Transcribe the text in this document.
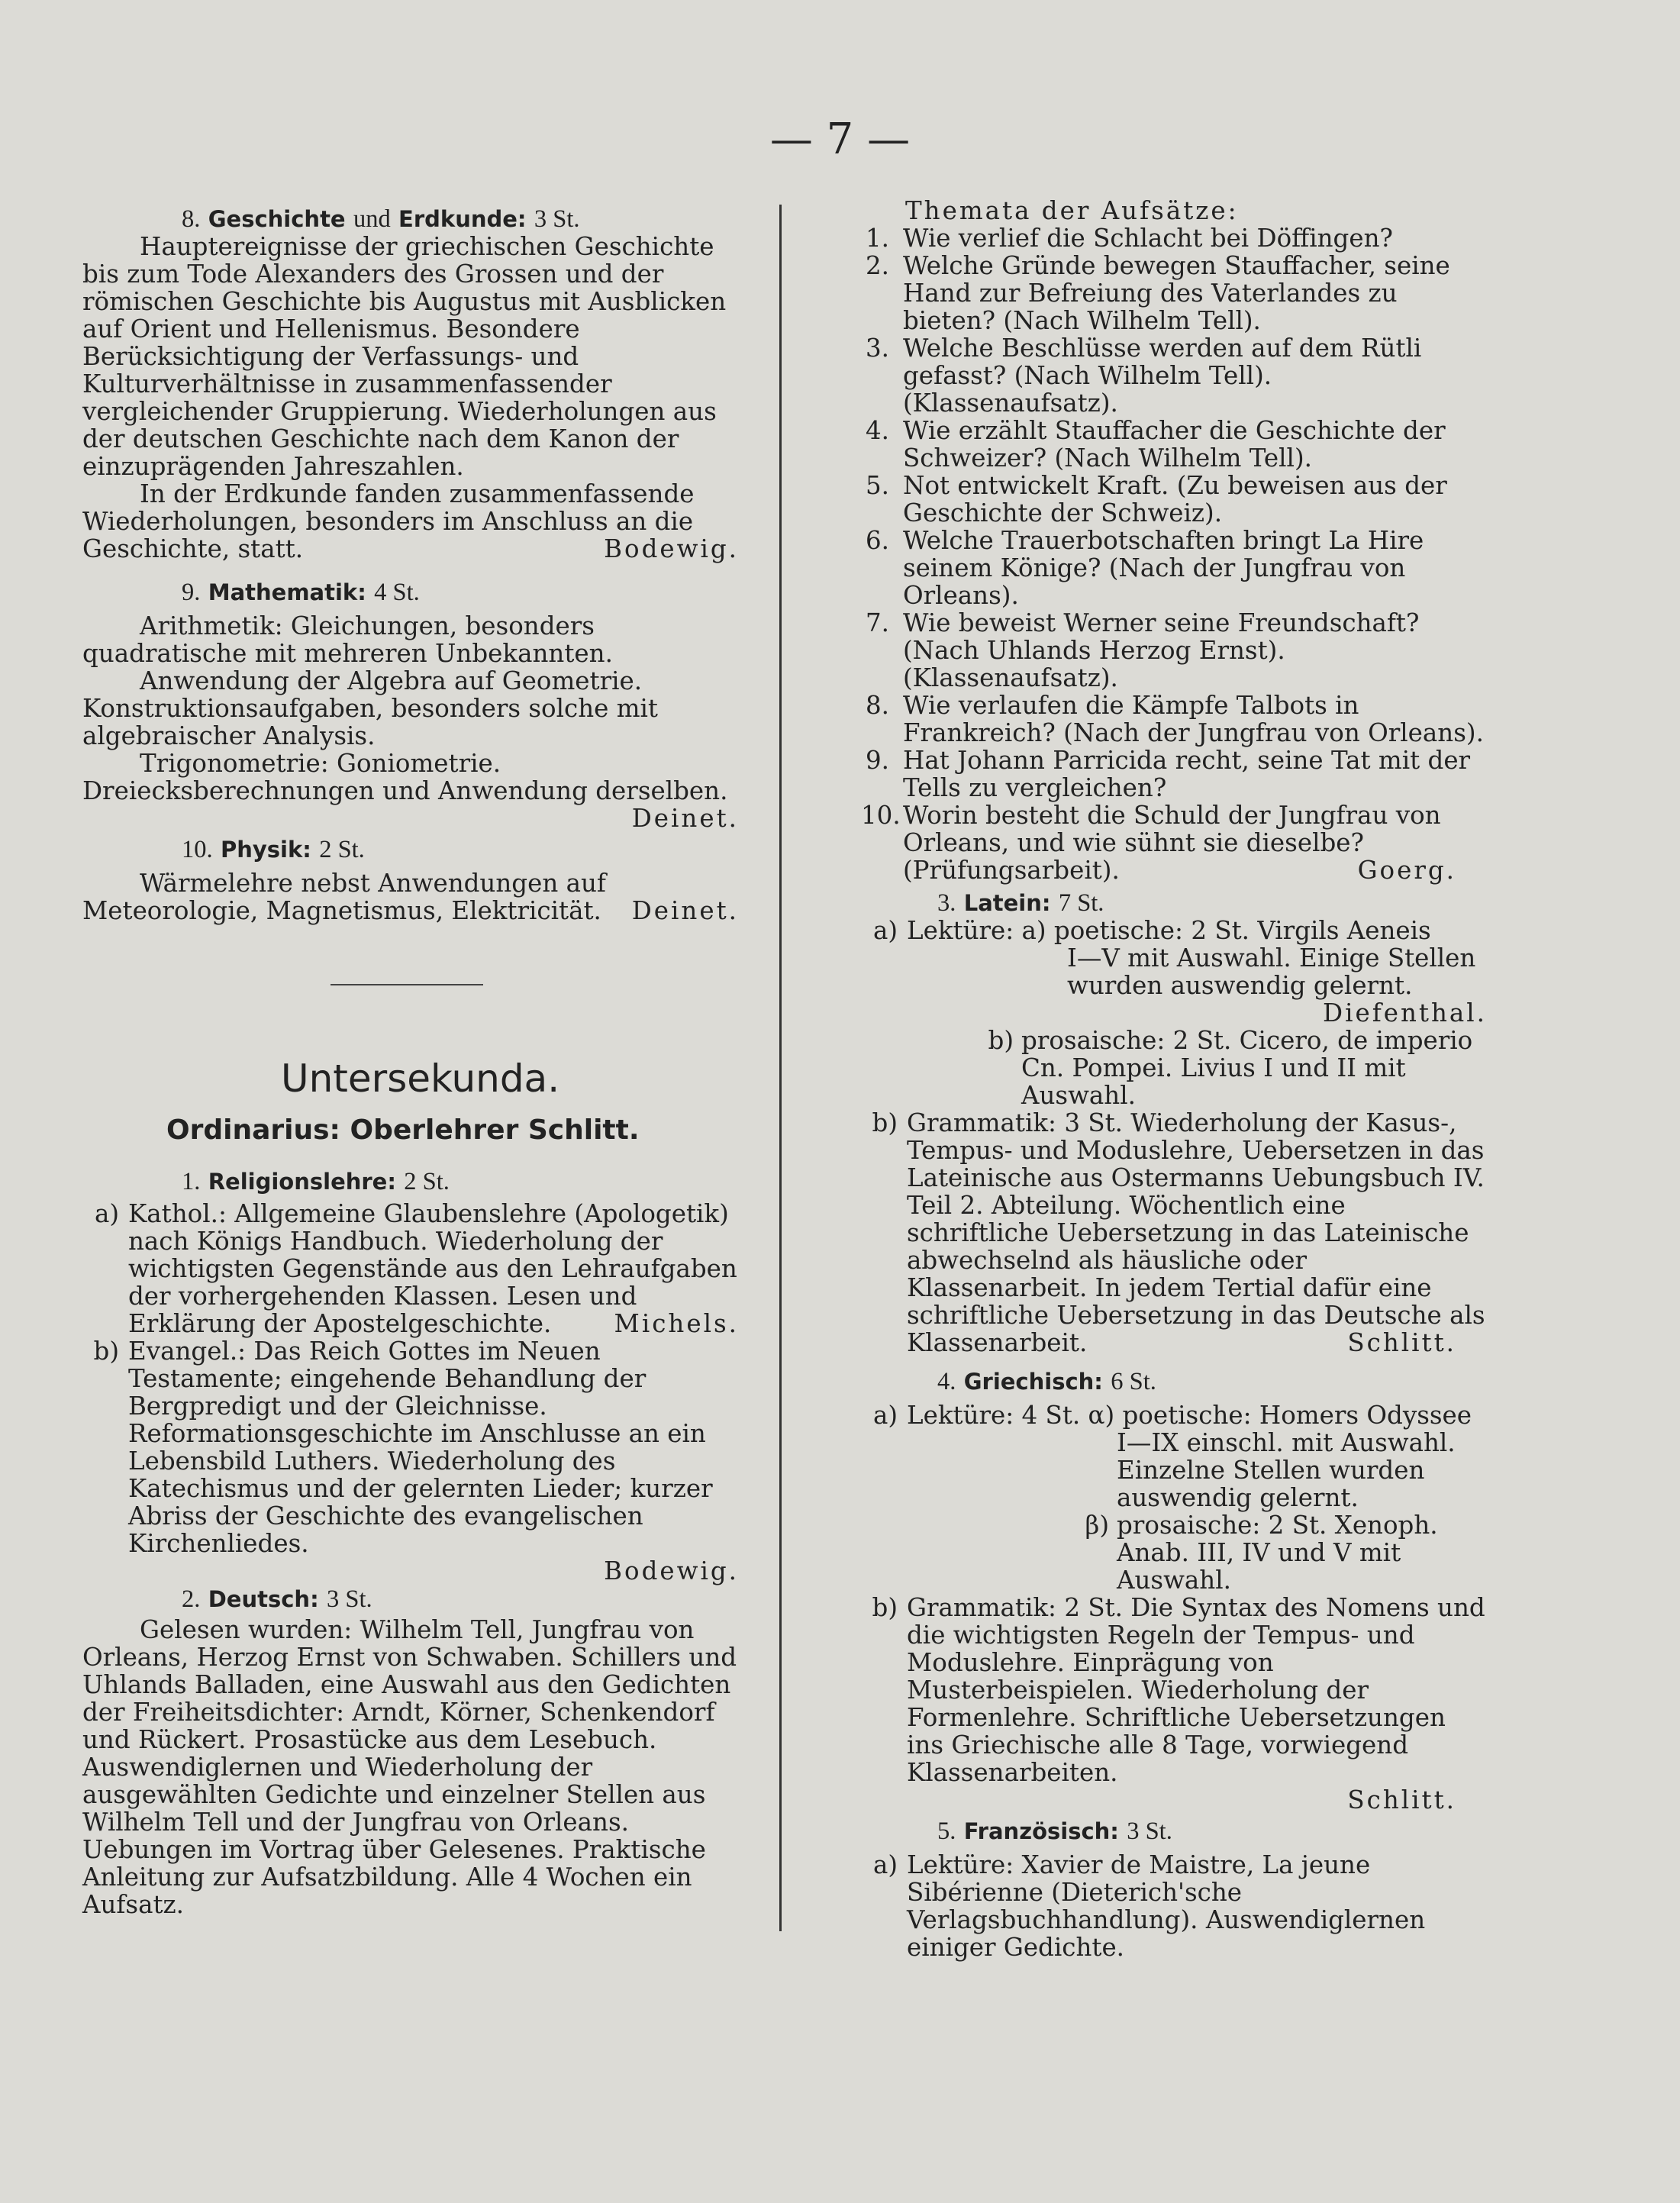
— 7 —
8. Geschichte und Erdkunde: 3 St.

Hauptereignisse der griechischen Geschichte bis zum Tode Alexanders des Grossen und der römischen Geschichte bis Augustus mit Ausblicken auf Orient und Hellenismus. Besondere Berücksichtigung der Verfassungs- und Kulturverhältnisse in zusammenfassender vergleichender Gruppierung. Wiederholungen aus der deutschen Geschichte nach dem Kanon der einzuprägenden Jahreszahlen.

In der Erdkunde fanden zusammenfassende Wiederholungen, besonders im Anschluss an die Geschichte, statt.	Bodewig.
9. Mathematik: 4 St.

Arithmetik: Gleichungen, besonders quadratische mit mehreren Unbekannten.

Anwendung der Algebra auf Geometrie. Konstruktionsaufgaben, besonders solche mit algebraischer Analysis.

Trigonometrie: Goniometrie. Dreiecksberechnungen und Anwendung derselben.

Deinet.
10. Physik: 2 St.

Wärmelehre nebst Anwendungen auf Meteorologie, Magnetismus, Elektricität.	Deinet.
Untersekunda.
Ordinarius: Oberlehrer Schlitt.
1. Religionslehre: 2 St.
a) Kathol.: Allgemeine Glaubenslehre (Apologetik) nach Königs Handbuch. Wiederholung der wichtigsten Gegenstände aus den Lehraufgaben der vorhergehenden Klassen. Lesen und Erklärung der Apostelgeschichte.	Michels.
b) Evangel.: Das Reich Gottes im Neuen Testamente; eingehende Behandlung der Bergpredigt und der Gleichnisse. Reformationsgeschichte im Anschlusse an ein Lebensbild Luthers. Wiederholung des Katechismus und der gelernten Lieder; kurzer Abriss der Geschichte des evangelischen Kirchenliedes.

Bodewig.
2. Deutsch: 3 St.

Gelesen wurden: Wilhelm Tell, Jungfrau von Orleans, Herzog Ernst von Schwaben. Schillers und Uhlands Balladen, eine Auswahl aus den Gedichten der Freiheitsdichter: Arndt, Körner, Schenkendorf und Rückert. Prosastücke aus dem Lesebuch. Auswendiglernen und Wiederholung der ausgewählten Gedichte und einzelner Stellen aus Wilhelm Tell und der Jungfrau von Orleans. Uebungen im Vortrag über Gelesenes. Praktische Anleitung zur Aufsatzbildung. Alle 4 Wochen ein Aufsatz.

Themata der Aufsätze:
1. Wie verlief die Schlacht bei Döffingen?
2. Welche Gründe bewegen Stauffacher, seine Hand zur Befreiung des Vaterlandes zu bieten? (Nach Wilhelm Tell).
3. Welche Beschlüsse werden auf dem Rütli gefasst? (Nach Wilhelm Tell). (Klassenaufsatz).
4. Wie erzählt Stauffacher die Geschichte der Schweizer? (Nach Wilhelm Tell).
5. Not entwickelt Kraft. (Zu beweisen aus der Geschichte der Schweiz).
6. Welche Trauerbotschaften bringt La Hire seinem Könige? (Nach der Jungfrau von Orleans).
7. Wie beweist Werner seine Freundschaft? (Nach Uhlands Herzog Ernst). (Klassenaufsatz).
8. Wie verlaufen die Kämpfe Talbots in Frankreich? (Nach der Jungfrau von Orleans).
9. Hat Johann Parricida recht, seine Tat mit der Tells zu vergleichen?
10. Worin besteht die Schuld der Jungfrau von Orleans, und wie sühnt sie dieselbe? (Prüfungsarbeit).	Goerg.
3. Latein: 7 St.
a) Lektüre: a) poetische: 2 St. Virgils Aeneis

I—V mit Auswahl. Einige Stellen wurden auswendig gelernt.

Diefenthal.
b) prosaische: 2 St. Cicero, de imperio Cn. Pompei. Livius I und II mit Auswahl.

b) Grammatik: 3 St. Wiederholung der Kasus-, Tempus- und Moduslehre, Uebersetzen in das Lateinische aus Ostermanns Uebungsbuch IV. Teil 2. Abteilung. Wöchentlich eine schriftliche Uebersetzung in das Lateinische abwechselnd als häusliche oder Klassenarbeit. In jedem Tertial dafür eine schriftliche Uebersetzung in das Deutsche als Klassenarbeit.	Schlitt.
4. Griechisch: 6 St.
a) Lektüre: 4 St. α) poetische: Homers Odyssee

I—IX einschl. mit Auswahl. Einzelne Stellen wurden auswendig gelernt.

β) prosaische: 2 St. Xenoph. Anab. III, IV und V mit Auswahl.

b) Grammatik: 2 St. Die Syntax des Nomens und die wichtigsten Regeln der Tempus- und Moduslehre. Einprägung von Musterbeispielen. Wiederholung der Formenlehre. Schriftliche Uebersetzungen ins Griechische alle 8 Tage, vorwiegend Klassenarbeiten.

Schlitt.
5. Französisch: 3 St.
a) Lektüre: Xavier de Maistre, La jeune Sibérienne (Dieterich'sche Verlagsbuchhandlung). Auswendiglernen einiger Gedichte.
